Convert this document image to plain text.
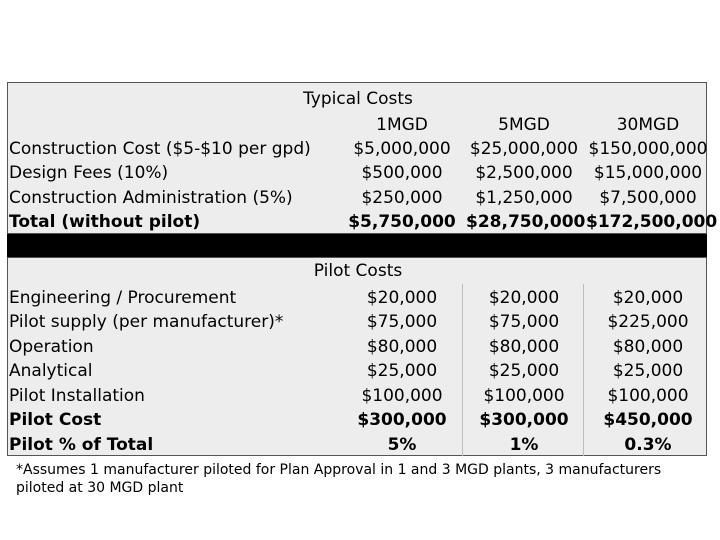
Typical Costs
1MGD	5MGD	30MGD
Construction Cost ($5-$10 per gpd)	$5,000,000	$25,000,000 $150,000,000
Design Fees (10%)	$500,000	$2,500,000	$15,000,000
Construction Administration (5%)	$250,000	$1,250,000	$7,500,000
Total (without pilot)	$5,750,000 $28,750,000 $172,500,000
Pilot Costs
Engineering / Procurement	$20,000	$20,000	$20,000
Pilot supply (per manufacturer)*	$75,000	$75,000	$225,000
Operation	$80,000	$80,000	$80,000
Analytical	$25,000	$25,000	$25,000
Pilot Installation	$100,000	$100,000	$100,000
Pilot Cost	$300,000	$300,000	$450,000
Pilot % of Total	5%	1%	0.3%
*Assumes 1 manufacturer piloted for Plan Approval in 1 and 3 MGD plants, 3 manufacturers piloted at 30 MGD plant
